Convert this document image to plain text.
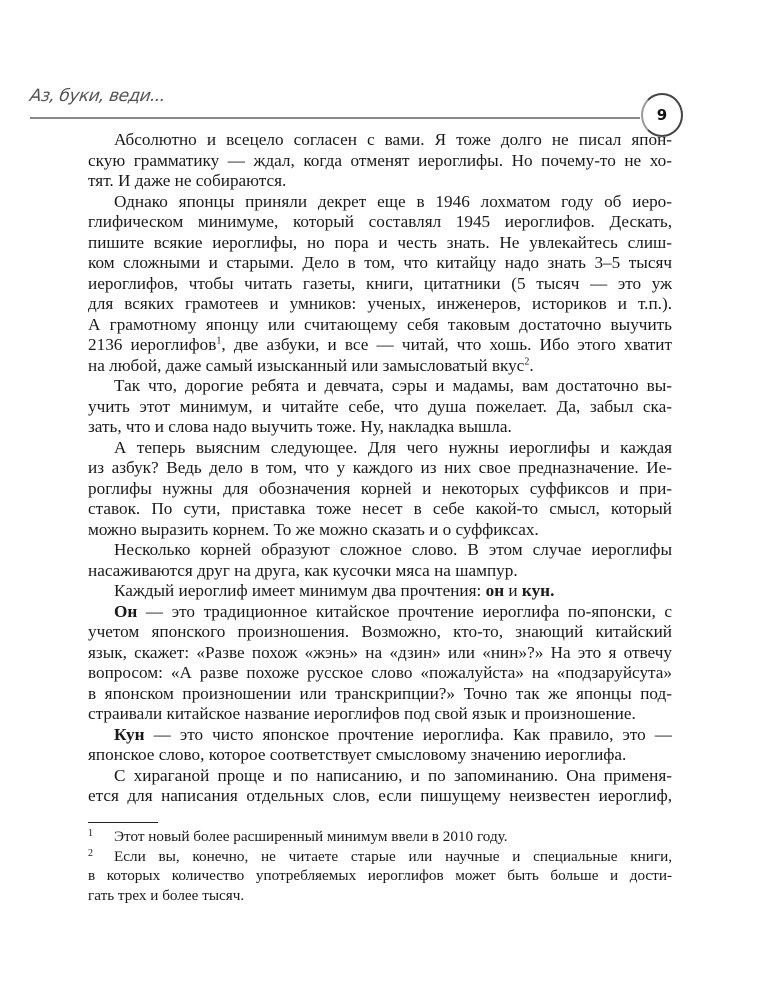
Аз, буки, веди...
9
Абсолютно и всецело согласен с вами. Я тоже долго не писал япон-
скую грамматику — ждал, когда отменят иероглифы. Но почему-то не хо-
тят. И даже не собираются.
Однако японцы приняли декрет еще в 1946 лохматом году об иеро-
глифическом минимуме, который составлял 1945 иероглифов. Дескать,
пишите всякие иероглифы, но пора и честь знать. Не увлекайтесь слиш-
ком сложными и старыми. Дело в том, что китайцу надо знать 3–5 тысяч
иероглифов, чтобы читать газеты, книги, цитатники (5 тысяч — это уж
для всяких грамотеев и умников: ученых, инженеров, историков и т.п.).
А грамотному японцу или считающему себя таковым достаточно выучить
2136 иероглифов$^1$, две азбуки, и все — читай, что хошь. Ибо этого хватит
на любой, даже самый изысканный или замысловатый вкус$^2$.
Так что, дорогие ребята и девчата, сэры и мадамы, вам достаточно вы-
учить этот минимум, и читайте себе, что душа пожелает. Да, забыл ска-
зать, что и слова надо выучить тоже. Ну, накладка вышла.
А теперь выясним следующее. Для чего нужны иероглифы и каждая
из азбук? Ведь дело в том, что у каждого из них свое предназначение. Ие-
роглифы нужны для обозначения корней и некоторых суффиксов и при-
ставок. По сути, приставка тоже несет в себе какой-то смысл, который
можно выразить корнем. То же можно сказать и о суффиксах.
Несколько корней образуют сложное слово. В этом случае иероглифы
насаживаются друг на друга, как кусочки мяса на шампур.
Каждый иероглиф имеет минимум два прочтения: он и кун.
Он — это традиционное китайское прочтение иероглифа по-японски, с
учетом японского произношения. Возможно, кто-то, знающий китайский
язык, скажет: «Разве похож «жэнь» на «дзин» или «нин»?» На это я отвечу
вопросом: «А разве похоже русское слово «пожалуйста» на «подзаруйсута»
в японском произношении или транскрипции?» Точно так же японцы под-
страивали китайское название иероглифов под свой язык и произношение.
Кун — это чисто японское прочтение иероглифа. Как правило, это —
японское слово, которое соответствует смысловому значению иероглифа.
С хираганой проще и по написанию, и по запоминанию. Она применя-
ется для написания отдельных слов, если пишущему неизвестен иероглиф,
1 Этот новый более расширенный минимум ввели в 2010 году.
2 Если вы, конечно, не читаете старые или научные и специальные книги,
в которых количество употребляемых иероглифов может быть больше и дости-
гать трех и более тысяч.
